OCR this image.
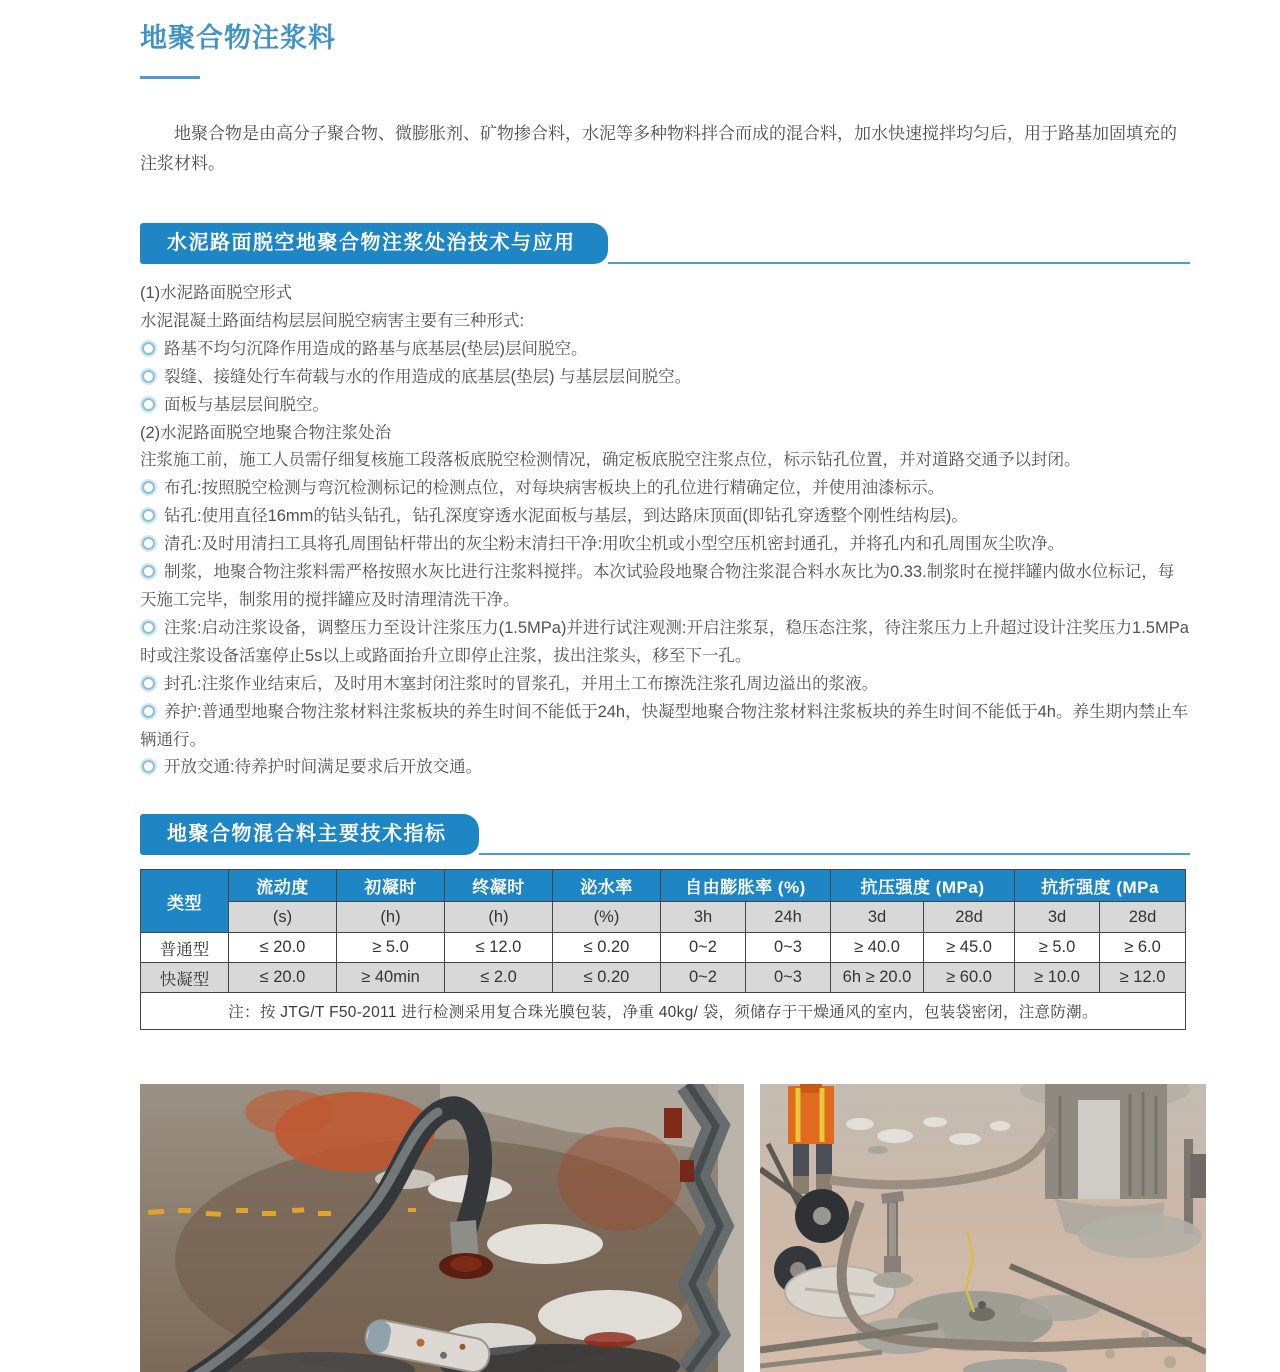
地聚合物注浆料

地聚合物是由高分子聚合物、微膨胀剂、矿物掺合料，水泥等多种物料拌合而成的混合料，加水快速搅拌均匀后，用于路基加固填充的注浆材料。

水泥路面脱空地聚合物注浆处治技术与应用
(1)水泥路面脱空形式
水泥混凝土路面结构层层间脱空病害主要有三种形式:
路基不均匀沉降作用造成的路基与底基层(垫层)层间脱空。
裂缝、接缝处行车荷载与水的作用造成的底基层(垫层) 与基层层间脱空。
面板与基层层间脱空。
(2)水泥路面脱空地聚合物注浆处治
注浆施工前，施工人员需仔细复核施工段落板底脱空检测情况，确定板底脱空注浆点位，标示钻孔位置，并对道路交通予以封闭。
布孔:按照脱空检测与弯沉检测标记的检测点位，对每块病害板块上的孔位进行精确定位，并使用油漆标示。
钻孔:使用直径16mm的钻头钻孔，钻孔深度穿透水泥面板与基层，到达路床顶面(即钻孔穿透整个刚性结构层)。
清孔:及时用清扫工具将孔周围钻杆带出的灰尘粉末清扫干净:用吹尘机或小型空压机密封通孔，并将孔内和孔周围灰尘吹净。
制浆，地聚合物注浆料需严格按照水灰比进行注浆料搅拌。本次试验段地聚合物注浆混合料水灰比为0.33.制浆时在搅拌罐内做水位标记，每天施工完毕，制浆用的搅拌罐应及时清理清洗干净。
注浆:启动注浆设备，调整压力至设计注浆压力(1.5MPa)并进行试注观测:开启注浆泵，稳压态注浆，待注浆压力上升超过设计注奖压力1.5MPa时或注浆设备活塞停止5s以上或路面抬升立即停止注浆，拔出注浆头，移至下一孔。
封孔:注浆作业结束后，及时用木塞封闭注浆时的冒浆孔，并用土工布擦洗注浆孔周边溢出的浆液。
养护:普通型地聚合物注浆材料注浆板块的养生时间不能低于24h，快凝型地聚合物注浆材料注浆板块的养生时间不能低于4h。养生期内禁止车辆通行。
开放交通:待养护时间满足要求后开放交通。
地聚合物混合料主要技术指标
类型	流动度	初凝时	终凝时	泌水率	自由膨胀率 (%)		抗压强度 (MPa)		抗折强度 (MPa	
	(s)	(h)	(h)	(%)	3h	24h	3d	28d	3d	28d
普通型	≤ 20.0	≥ 5.0	≤ 12.0	≤ 0.20	0~2	0~3	≥ 40.0	≥ 45.0	≥ 5.0	≥ 6.0
快凝型	≤ 20.0	≥ 40min	≤ 2.0	≤ 0.20	0~2	0~3	6h ≥ 20.0	≥ 60.0	≥ 10.0	≥ 12.0
注：按 JTG/T F50-2011 进行检测采用复合珠光膜包装，净重 40kg/ 袋，须储存于干燥通风的室内，包装袋密闭，注意防潮。										
